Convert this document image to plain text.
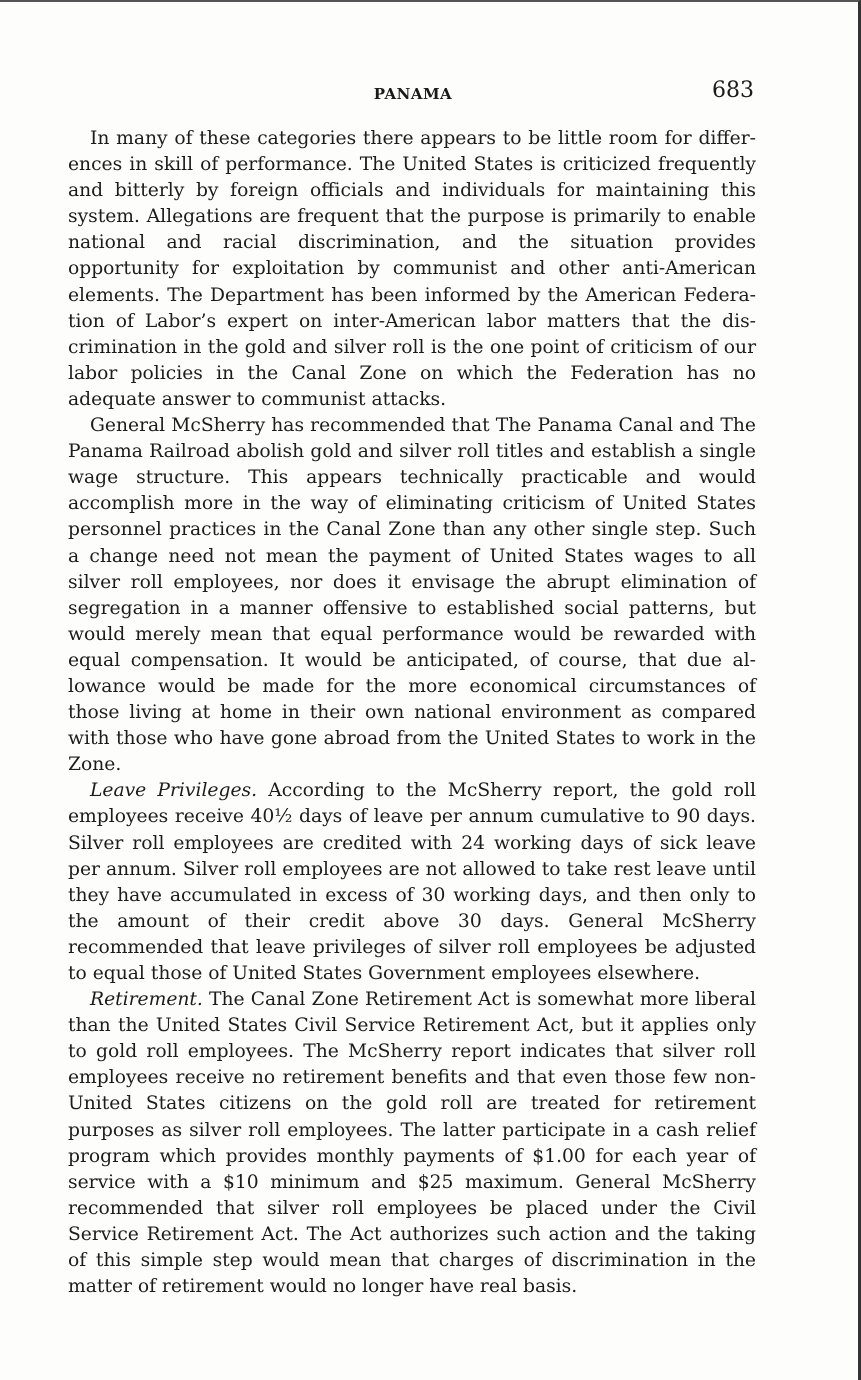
PANAMA	683

In many of these categories there appears to be little room for differences in skill of performance. The United States is criticized frequently and bitterly by foreign officials and individuals for maintaining this system. Allegations are frequent that the purpose is primarily to enable national and racial discrimination, and the situation provides opportunity for exploitation by communist and other anti-American elements. The Department has been informed by the American Federation of Labor’s expert on inter-American labor matters that the discrimination in the gold and silver roll is the one point of criticism of our labor policies in the Canal Zone on which the Federation has no adequate answer to communist attacks.

General McSherry has recommended that The Panama Canal and The Panama Railroad abolish gold and silver roll titles and establish a single wage structure. This appears technically practicable and would accomplish more in the way of eliminating criticism of United States personnel practices in the Canal Zone than any other single step. Such a change need not mean the payment of United States wages to all silver roll employees, nor does it envisage the abrupt elimination of segregation in a manner offensive to established social patterns, but would merely mean that equal performance would be rewarded with equal compensation. It would be anticipated, of course, that due allowance would be made for the more economical circumstances of those living at home in their own national environment as compared with those who have gone abroad from the United States to work in the Zone.

Leave Privileges. According to the McSherry report, the gold roll employees receive 40½ days of leave per annum cumulative to 90 days. Silver roll employees are credited with 24 working days of sick leave per annum. Silver roll employees are not allowed to take rest leave until they have accumulated in excess of 30 working days, and then only to the amount of their credit above 30 days. General McSherry recommended that leave privileges of silver roll employees be adjusted to equal those of United States Government employees elsewhere.

Retirement. The Canal Zone Retirement Act is somewhat more liberal than the United States Civil Service Retirement Act, but it applies only to gold roll employees. The McSherry report indicates that silver roll employees receive no retirement benefits and that even those few non-United States citizens on the gold roll are treated for retirement purposes as silver roll employees. The latter participate in a cash relief program which provides monthly payments of $1.00 for each year of service with a $10 minimum and $25 maximum. General McSherry recommended that silver roll employees be placed under the Civil Service Retirement Act. The Act authorizes such action and the taking of this simple step would mean that charges of discrimination in the matter of retirement would no longer have real basis.
